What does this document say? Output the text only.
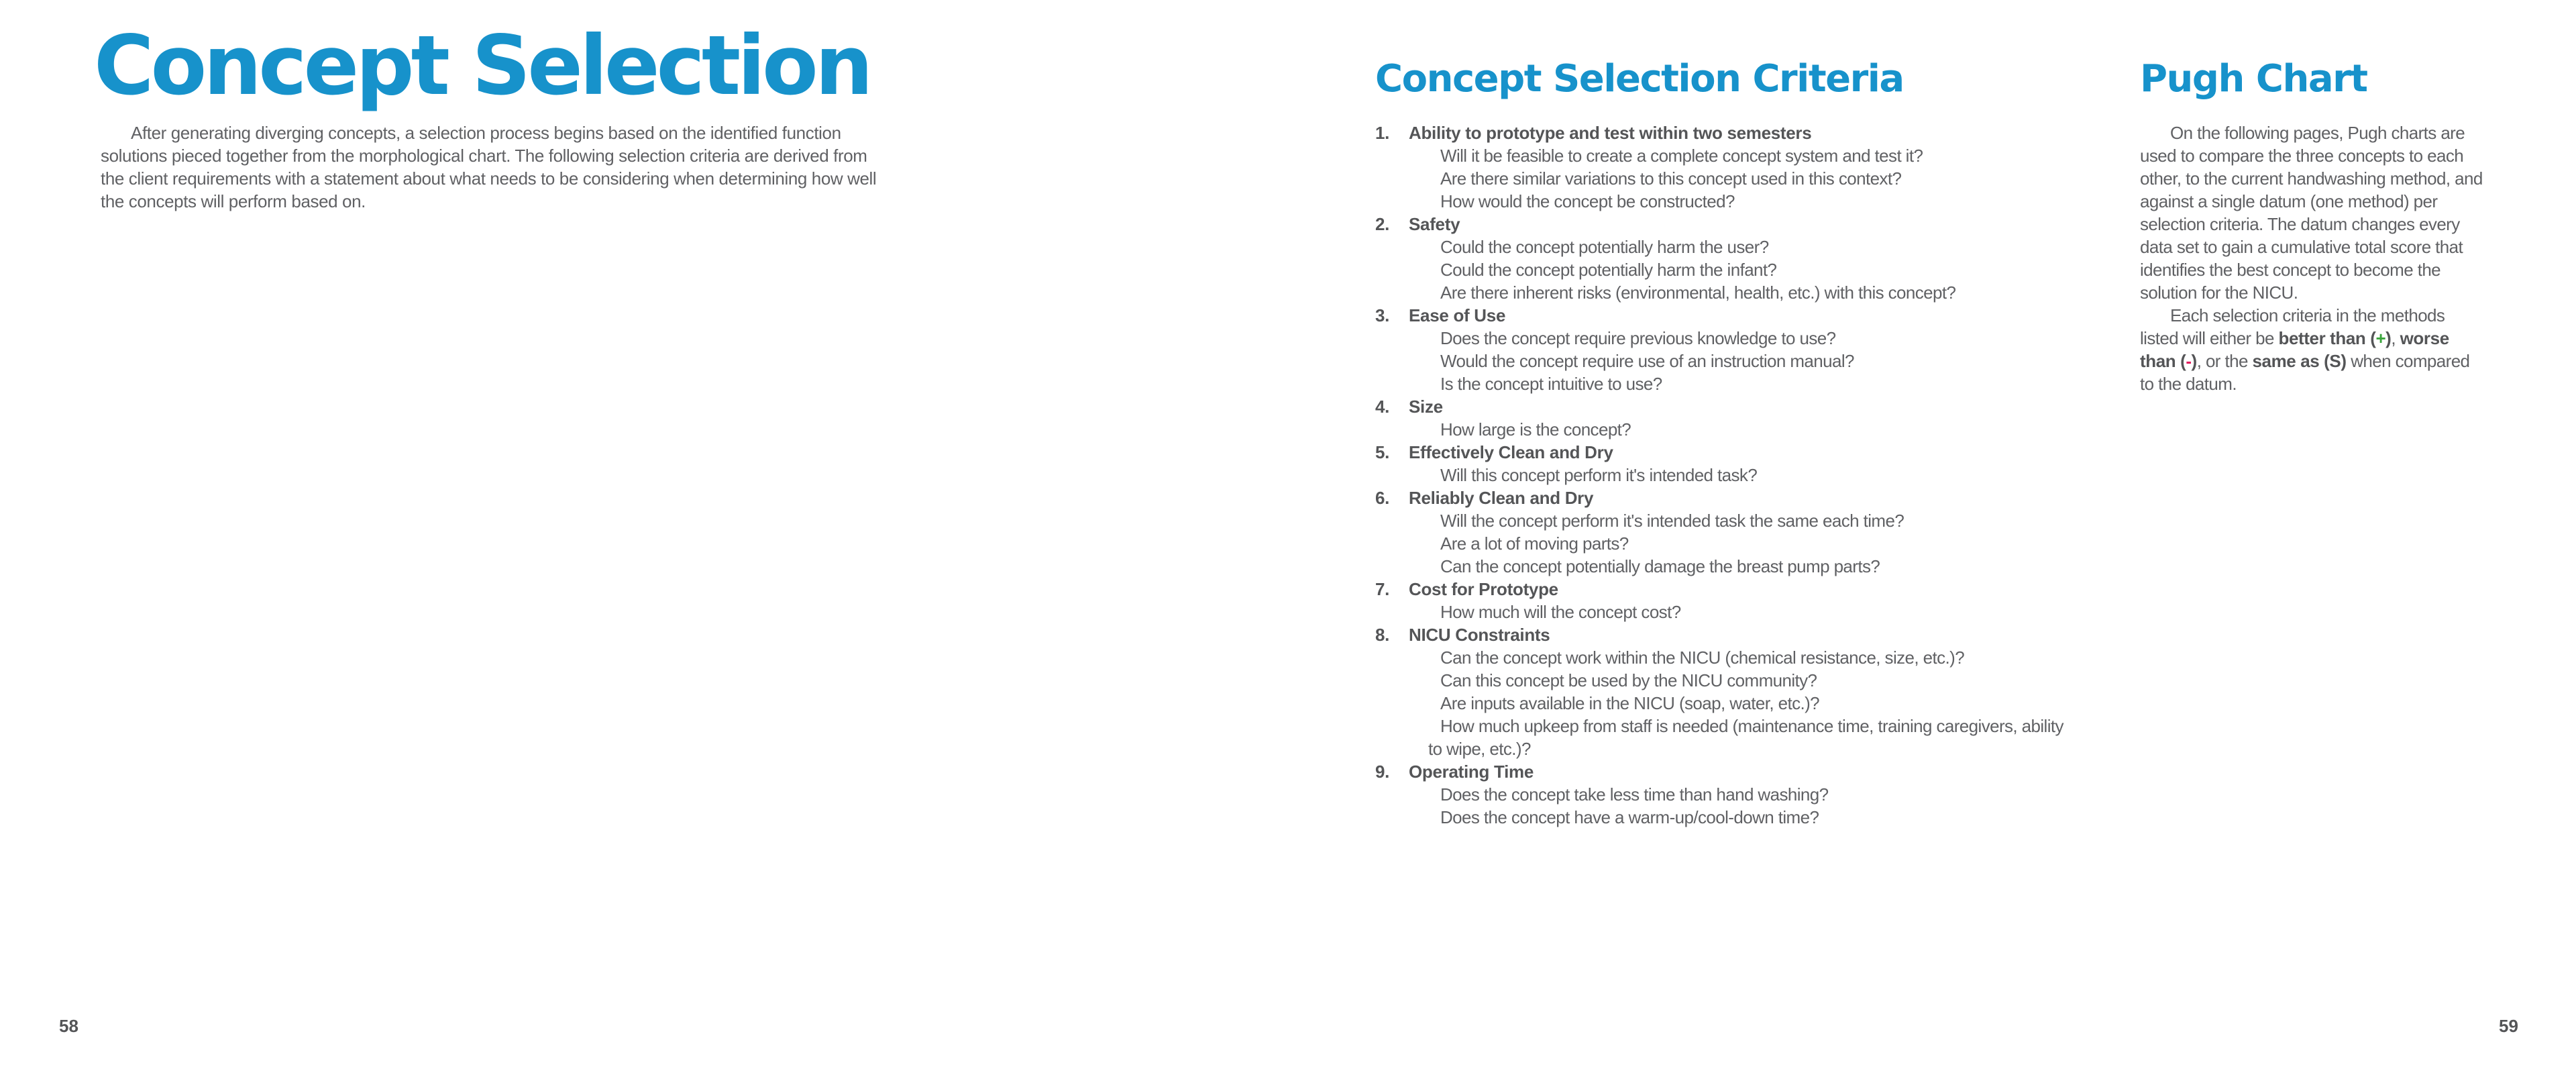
Concept Selection

After generating diverging concepts, a selection process begins based on the identified function solutions pieced together from the morphological chart. The following selection criteria are derived from the client requirements with a statement about what needs to be considering when determining how well the concepts will perform based on.

58
Concept Selection Criteria
1. Ability to prototype and test within two semesters
Will it be feasible to create a complete concept system and test it?
Are there similar variations to this concept used in this context?
How would the concept be constructed?
2. Safety
Could the concept potentially harm the user?
Could the concept potentially harm the infant?
Are there inherent risks (environmental, health, etc.) with this concept?
3. Ease of Use
Does the concept require previous knowledge to use?
Would the concept require use of an instruction manual?
Is the concept intuitive to use?
4. Size
How large is the concept?
5. Effectively Clean and Dry
Will this concept perform it's intended task?
6. Reliably Clean and Dry
Will the concept perform it's intended task the same each time?
Are a lot of moving parts?
Can the concept potentially damage the breast pump parts?
7. Cost for Prototype
How much will the concept cost?
8. NICU Constraints
Can the concept work within the NICU (chemical resistance, size, etc.)?
Can this concept be used by the NICU community?
Are inputs available in the NICU (soap, water, etc.)?
How much upkeep from staff is needed (maintenance time, training caregivers, ability to wipe, etc.)?
9. Operating Time
Does the concept take less time than hand washing?
Does the concept have a warm-up/cool-down time?
Pugh Chart

On the following pages, Pugh charts are used to compare the three concepts to each other, to the current handwashing method, and against a single datum (one method) per selection criteria. The datum changes every data set to gain a cumulative total score that identifies the best concept to become the solution for the NICU.

Each selection criteria in the methods listed will either be better than (+), worse than (-), or the same as (S) when compared to the datum.

59
